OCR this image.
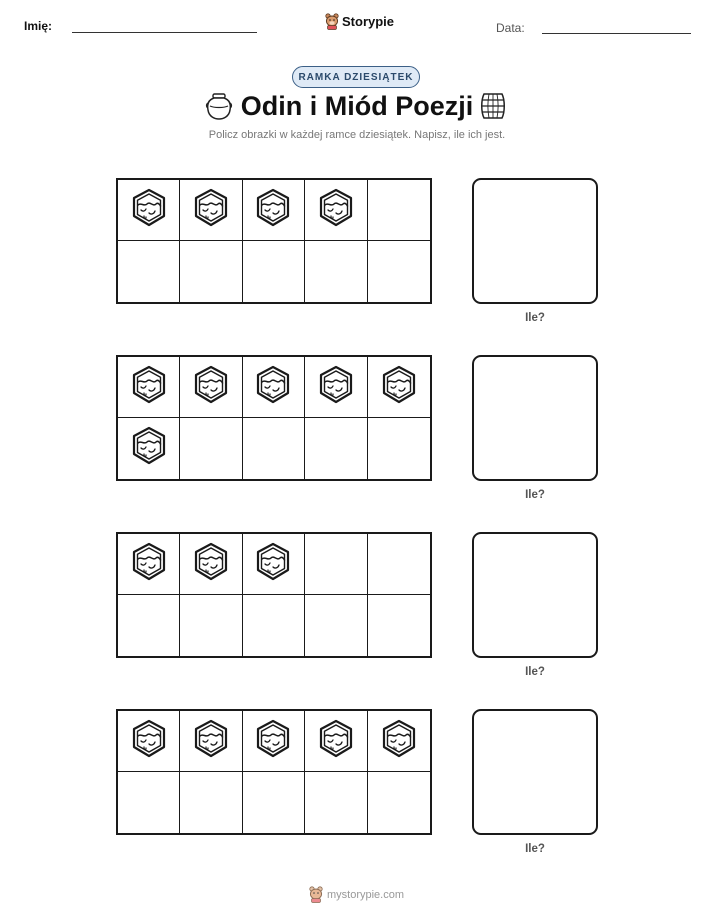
Imię:	Storypie	Data:
RAMKA DZIESIĄTEK
Odin i Miód Poezji
Policz obrazki w każdej ramce dziesiątek. Napisz, ile ich jest.
Ile?
Ile?
Ile?
Ile?
mystorypie.com
